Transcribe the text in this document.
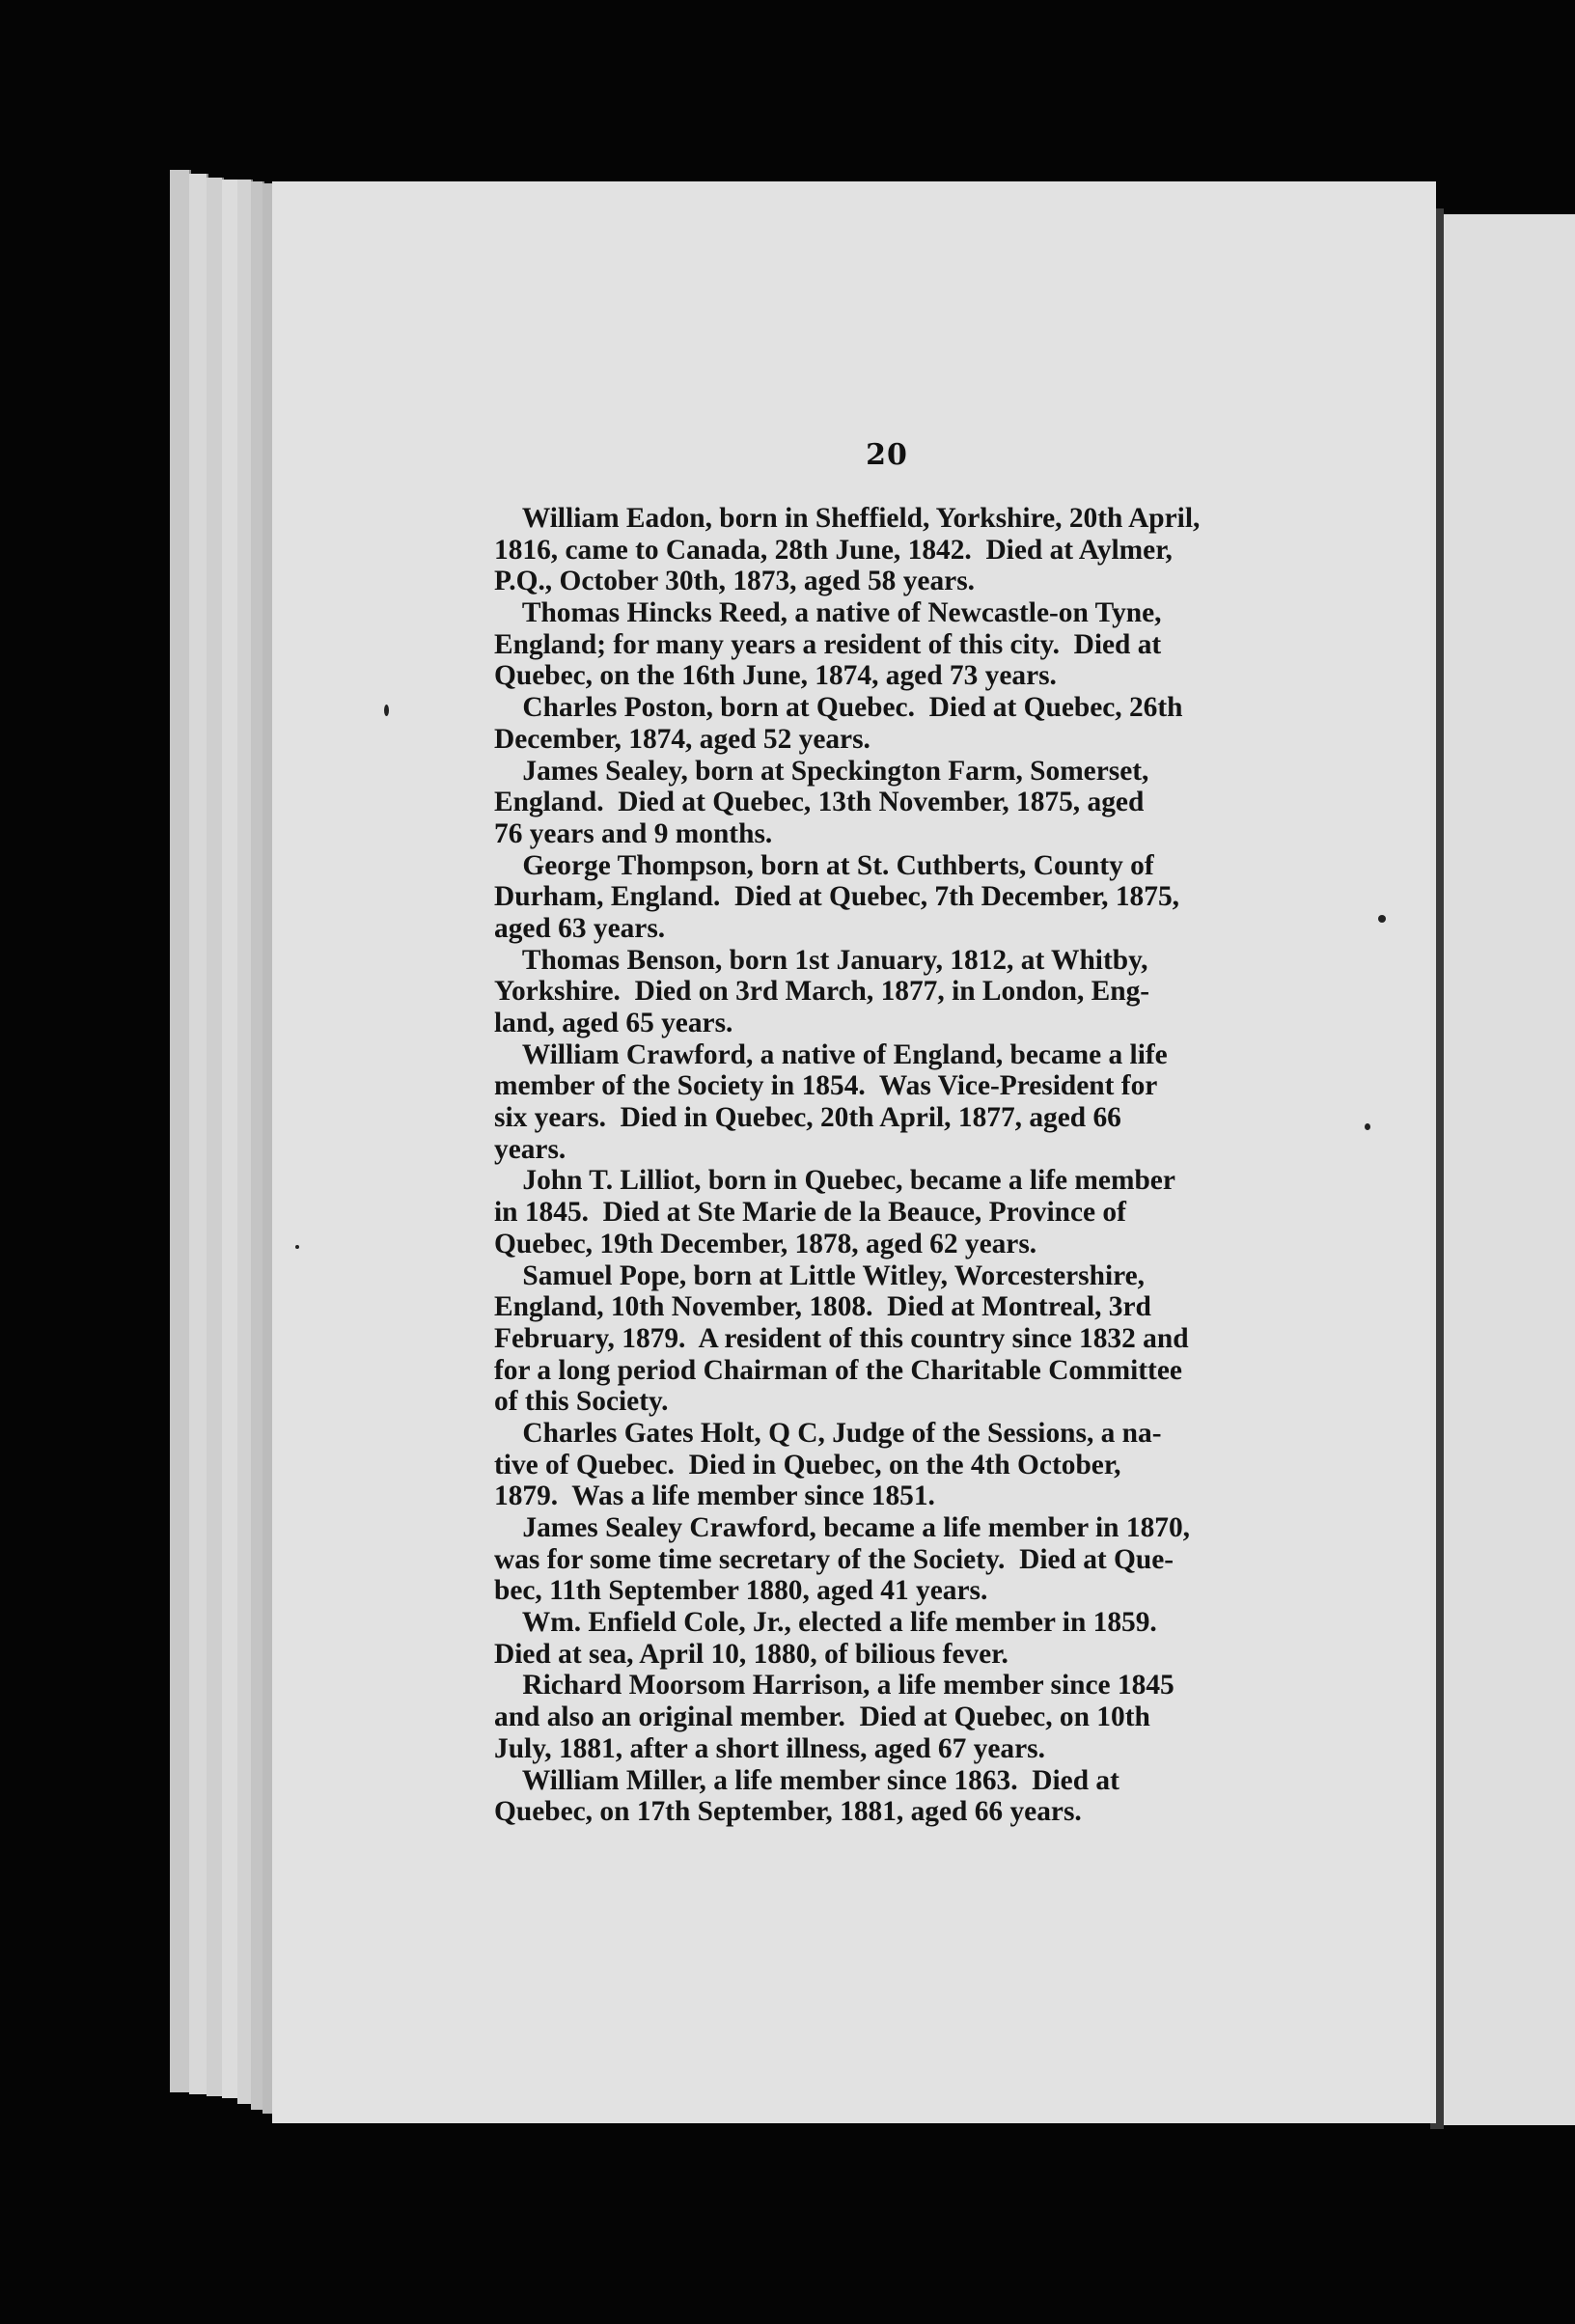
20
William Eadon, born in Sheffield, Yorkshire, 20th April,
1816, came to Canada, 28th June, 1842.  Died at Aylmer,
P.Q., October 30th, 1873, aged 58 years.
Thomas Hincks Reed, a native of Newcastle-on Tyne,
England; for many years a resident of this city.  Died at
Quebec, on the 16th June, 1874, aged 73 years.
Charles Poston, born at Quebec.  Died at Quebec, 26th
December, 1874, aged 52 years.
James Sealey, born at Speckington Farm, Somerset,
England.  Died at Quebec, 13th November, 1875, aged
76 years and 9 months.
George Thompson, born at St. Cuthberts, County of
Durham, England.  Died at Quebec, 7th December, 1875,
aged 63 years.
Thomas Benson, born 1st January, 1812, at Whitby,
Yorkshire.  Died on 3rd March, 1877, in London, Eng-
land, aged 65 years.
William Crawford, a native of England, became a life
member of the Society in 1854.  Was Vice-President for
six years.  Died in Quebec, 20th April, 1877, aged 66
years.
John T. Lilliot, born in Quebec, became a life member
in 1845.  Died at Ste Marie de la Beauce, Province of
Quebec, 19th December, 1878, aged 62 years.
Samuel Pope, born at Little Witley, Worcestershire,
England, 10th November, 1808.  Died at Montreal, 3rd
February, 1879.  A resident of this country since 1832 and
for a long period Chairman of the Charitable Committee
of this Society.
Charles Gates Holt, Q C, Judge of the Sessions, a na-
tive of Quebec.  Died in Quebec, on the 4th October,
1879.  Was a life member since 1851.
James Sealey Crawford, became a life member in 1870,
was for some time secretary of the Society.  Died at Que-
bec, 11th September 1880, aged 41 years.
Wm. Enfield Cole, Jr., elected a life member in 1859.
Died at sea, April 10, 1880, of bilious fever.
Richard Moorsom Harrison, a life member since 1845
and also an original member.  Died at Quebec, on 10th
July, 1881, after a short illness, aged 67 years.
William Miller, a life member since 1863.  Died at
Quebec, on 17th September, 1881, aged 66 years.
